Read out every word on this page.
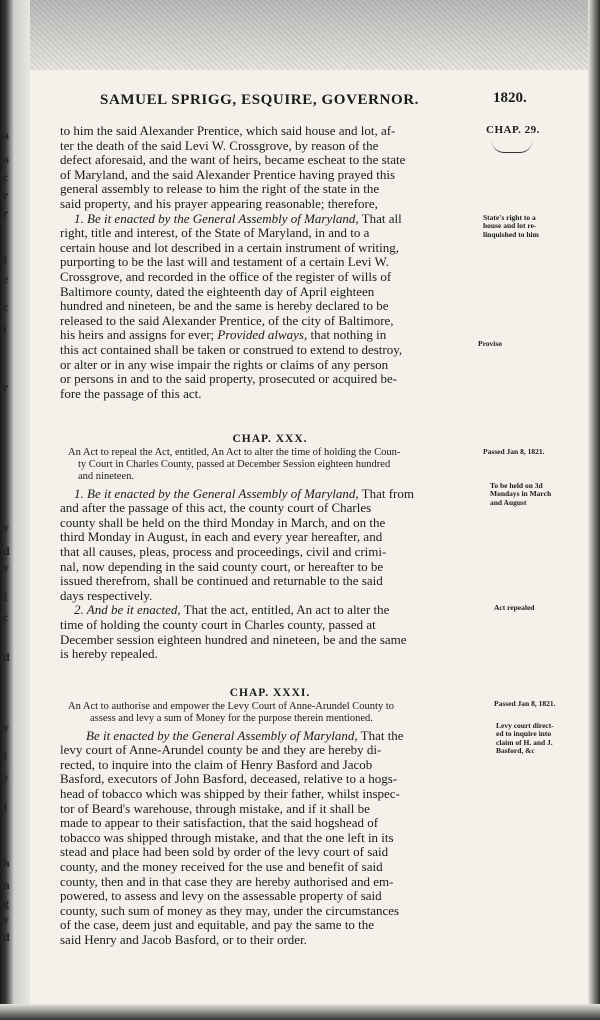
a
o
c
r
r
t
e
c
t
r
y
d
y
I
c
d
y
t
y
I
h
n
g
y
d
SAMUEL SPRIGG, ESQUIRE, GOVERNOR.	1820.
CHAP. 29.
to him the said Alexander Prentice, which said house and lot, af-
ter the death of the said Levi W. Crossgrove, by reason of the
defect aforesaid, and the want of heirs, became escheat to the state
of Maryland, and the said Alexander Prentice having prayed this
general assembly to release to him the right of the state in the
said property, and his prayer appearing reasonable; therefore,
1. Be it enacted by the General Assembly of Maryland, That all
right, title and interest, of the State of Maryland, in and to a
certain house and lot described in a certain instrument of writing,
purporting to be the last will and testament of a certain Levi W.
Crossgrove, and recorded in the office of the register of wills of
Baltimore county, dated the eighteenth day of April eighteen
hundred and nineteen, be and the same is hereby declared to be
released to the said Alexander Prentice, of the city of Baltimore,
his heirs and assigns for ever; Provided always, that nothing in
this act contained shall be taken or construed to extend to destroy,
or alter or in any wise impair the rights or claims of any person
or persons in and to the said property, prosecuted or acquired be-
fore the passage of this act.
State's right to a
house and lot re-
linquished to him
Proviso
CHAP. XXX.
An Act to repeal the Act, entitled, An Act to alter the time of holding the Coun-
ty Court in Charles County, passed at December Session eighteen hundred
and nineteen.
1. Be it enacted by the General Assembly of Maryland, That from
and after the passage of this act, the county court of Charles
county shall be held on the third Monday in March, and on the
third Monday in August, in each and every year hereafter, and
that all causes, pleas, process and proceedings, civil and crimi-
nal, now depending in the said county court, or hereafter to be
issued therefrom, shall be continued and returnable to the said
days respectively.
2. And be it enacted, That the act, entitled, An act to alter the
time of holding the county court in Charles county, passed at
December session eighteen hundred and nineteen, be and the same
is hereby repealed.
Passed Jan 8, 1821.
To be held on 3d
Mondays in March
and August
Act repealed
CHAP. XXXI.
An Act to authorise and empower the Levy Court of Anne-Arundel County to
assess and levy a sum of Money for the purpose therein mentioned.
Be it enacted by the General Assembly of Maryland, That the
levy court of Anne-Arundel county be and they are hereby di-
rected, to inquire into the claim of Henry Basford and Jacob
Basford, executors of John Basford, deceased, relative to a hogs-
head of tobacco which was shipped by their father, whilst inspec-
tor of Beard's warehouse, through mistake, and if it shall be
made to appear to their satisfaction, that the said hogshead of
tobacco was shipped through mistake, and that the one left in its
stead and place had been sold by order of the levy court of said
county, and the money received for the use and benefit of said
county, then and in that case they are hereby authorised and em-
powered, to assess and levy on the assessable property of said
county, such sum of money as they may, under the circumstances
of the case, deem just and equitable, and pay the same to the
said Henry and Jacob Basford, or to their order.
Passed Jan 8, 1821.
Levy court direct-
ed to inquire into
claim of H. and J.
Basford, &c
